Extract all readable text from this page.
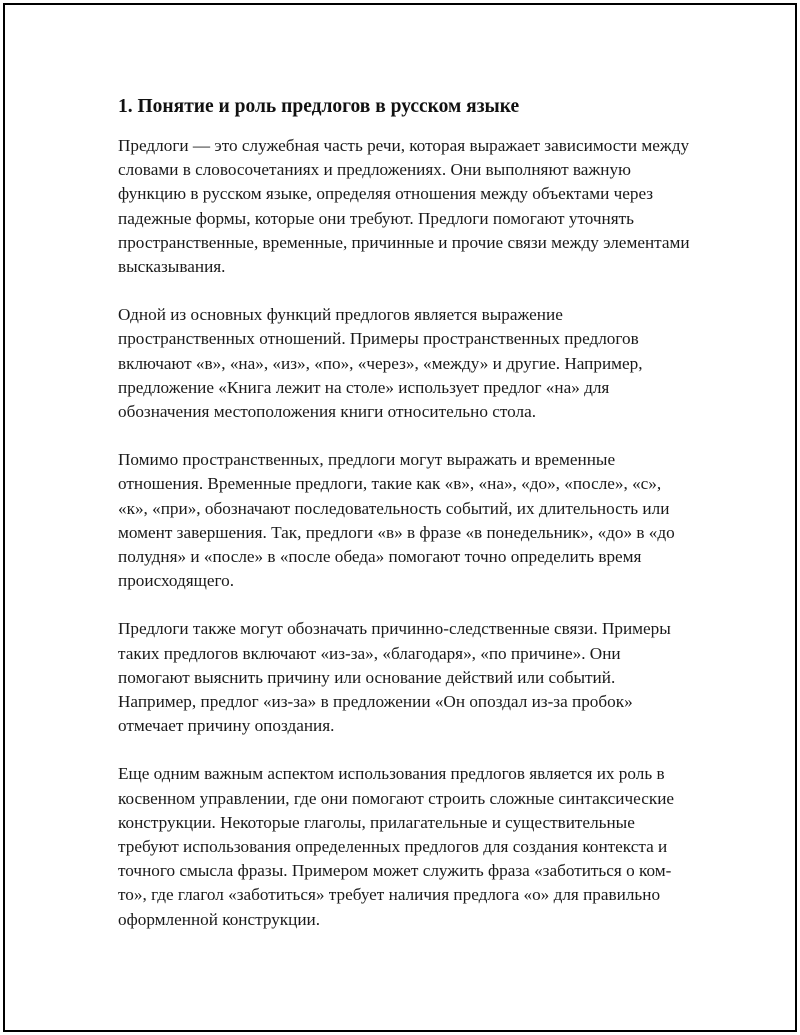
1. Понятие и роль предлогов в русском языке

Предлоги — это служебная часть речи, которая выражает зависимости между словами в словосочетаниях и предложениях. Они выполняют важную функцию в русском языке, определяя отношения между объектами через падежные формы, которые они требуют. Предлоги помогают уточнять пространственные, временные, причинные и прочие связи между элементами высказывания.

Одной из основных функций предлогов является выражение пространственных отношений. Примеры пространственных предлогов включают «в», «на», «из», «по», «через», «между» и другие. Например, предложение «Книга лежит на столе» использует предлог «на» для обозначения местоположения книги относительно стола.

Помимо пространственных, предлоги могут выражать и временные отношения. Временные предлоги, такие как «в», «на», «до», «после», «с», «к», «при», обозначают последовательность событий, их длительность или момент завершения. Так, предлоги «в» в фразе «в понедельник», «до» в «до полудня» и «после» в «после обеда» помогают точно определить время происходящего.

Предлоги также могут обозначать причинно-следственные связи. Примеры таких предлогов включают «из-за», «благодаря», «по причине». Они помогают выяснить причину или основание действий или событий. Например, предлог «из-за» в предложении «Он опоздал из-за пробок» отмечает причину опоздания.

Еще одним важным аспектом использования предлогов является их роль в косвенном управлении, где они помогают строить сложные синтаксические конструкции. Некоторые глаголы, прилагательные и существительные требуют использования определенных предлогов для создания контекста и точного смысла фразы. Примером может служить фраза «заботиться о ком-то», где глагол «заботиться» требует наличия предлога «о» для правильно оформленной конструкции.
